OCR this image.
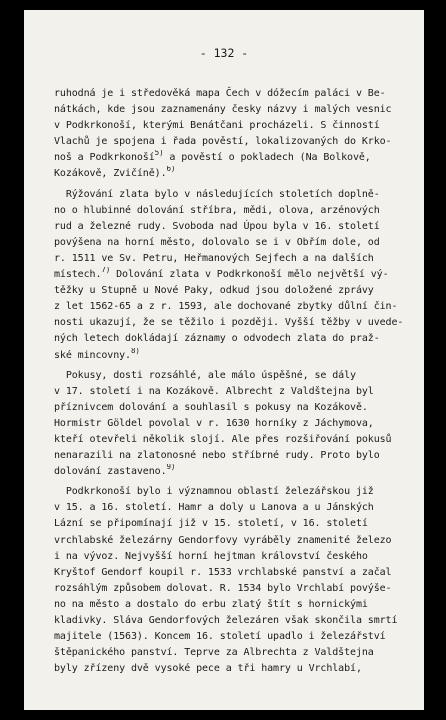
- 132 -
ruhodná je i středověká mapa Čech v dóžecím paláci v Be-
nátkách, kde jsou zaznamenány česky názvy i malých vesnic
v Podkrkonoší, kterými Benátčani procházeli. S činností
Vlachů je spojena i řada pověstí, lokalizovaných do Krko-
noš a Podkrkonoší$^{5)}$ a pověstí o pokladech (Na Bolkově,
Kozákově, Zvičíně).$^{6)}$
Rýžování zlata bylo v následujících stoletích doplně-
no o hlubinné dolování stříbra, mědi, olova, arzénových
rud a železné rudy. Svoboda nad Úpou byla v 16. století
povýšena na horní město, dolovalo se i v Obřím dole, od
r. 1511 ve Sv. Petru, Heřmanových Sejfech a na dalších
místech.$^{7)}$ Dolování zlata v Podkrkonoší mělo největší vý-
těžky u Stupně u Nové Paky, odkud jsou doložené zprávy
z let 1562-65 a z r. 1593, ale dochované zbytky důlní čin-
nosti ukazují, že se těžilo i později. Vyšší těžby v uvede-
ných letech dokládají záznamy o odvodech zlata do praž-
ské mincovny.$^{8)}$
Pokusy, dosti rozsáhlé, ale málo úspěšné, se dály
v 17. století i na Kozákově. Albrecht z Valdštejna byl
příznivcem dolování a souhlasil s pokusy na Kozákově.
Hormistr Göldel povolal v r. 1630 horníky z Jáchymova,
kteří otevřeli několik slojí. Ale přes rozšiřování pokusů
nenarazili na zlatonosné nebo stříbrné rudy. Proto bylo
dolování zastaveno.$^{9)}$
Podkrkonoší bylo i významnou oblastí železářskou již
v 15. a 16. století. Hamr a doly u Lanova a u Jánských
Lázní se připomínají již v 15. století, v 16. století
vrchlabské železárny Gendorfovy vyráběly znamenité železo
i na vývoz. Nejvyšší horní hejtman království českého
Kryštof Gendorf koupil r. 1533 vrchlabské panství a začal
rozsáhlým způsobem dolovat. R. 1534 bylo Vrchlabí povýše-
no na město a dostalo do erbu zlatý štít s hornickými
kladivky. Sláva Gendorfových železáren však skončila smrtí
majitele (1563). Koncem 16. století upadlo i železářství
štěpanického panství. Teprve za Albrechta z Valdštejna
byly zřízeny dvě vysoké pece a tři hamry u Vrchlabí,
